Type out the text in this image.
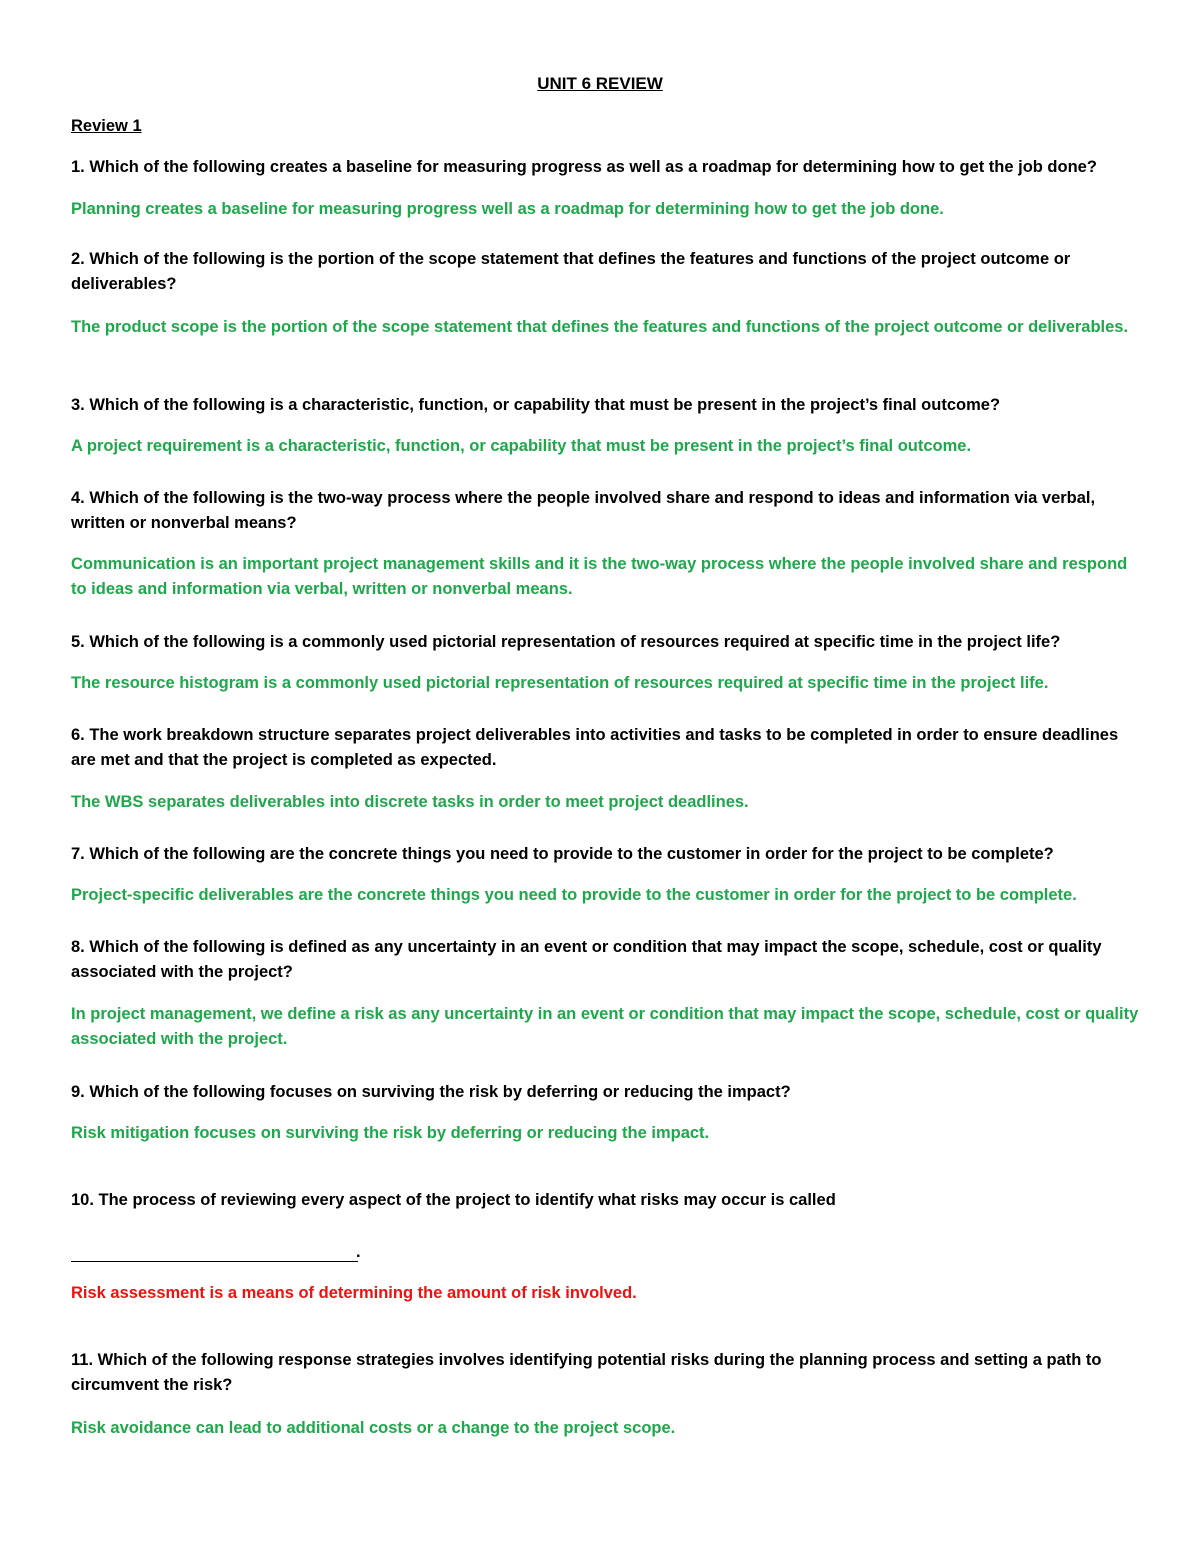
UNIT 6 REVIEW
Review 1

1. Which of the following creates a baseline for measuring progress as well as a roadmap for determining how to get the job done?

Planning creates a baseline for measuring progress well as a roadmap for determining how to get the job done.

2. Which of the following is the portion of the scope statement that defines the features and functions of the project outcome or deliverables?

The product scope is the portion of the scope statement that defines the features and functions of the project outcome or deliverables.

3. Which of the following is a characteristic, function, or capability that must be present in the project’s final outcome?

A project requirement is a characteristic, function, or capability that must be present in the project’s final outcome.

4. Which of the following is the two-way process where the people involved share and respond to ideas and information via verbal, written or nonverbal means?

Communication is an important project management skills and it is the two-way process where the people involved share and respond to ideas and information via verbal, written or nonverbal means.

5. Which of the following is a commonly used pictorial representation of resources required at specific time in the project life?

The resource histogram is a commonly used pictorial representation of resources required at specific time in the project life.

6. The work breakdown structure separates project deliverables into activities and tasks to be completed in order to ensure deadlines are met and that the project is completed as expected.

The WBS separates deliverables into discrete tasks in order to meet project deadlines.

7. Which of the following are the concrete things you need to provide to the customer in order for the project to be complete?

Project-specific deliverables are the concrete things you need to provide to the customer in order for the project to be complete.

8. Which of the following is defined as any uncertainty in an event or condition that may impact the scope, schedule, cost or quality associated with the project?

In project management, we define a risk as any uncertainty in an event or condition that may impact the scope, schedule, cost or quality associated with the project.

9. Which of the following focuses on surviving the risk by deferring or reducing the impact?

Risk mitigation focuses on surviving the risk by deferring or reducing the impact.

10. The process of reviewing every aspect of the project to identify what risks may occur is called

.

Risk assessment is a means of determining the amount of risk involved.

11. Which of the following response strategies involves identifying potential risks during the planning process and setting a path to circumvent the risk?

Risk avoidance can lead to additional costs or a change to the project scope.
